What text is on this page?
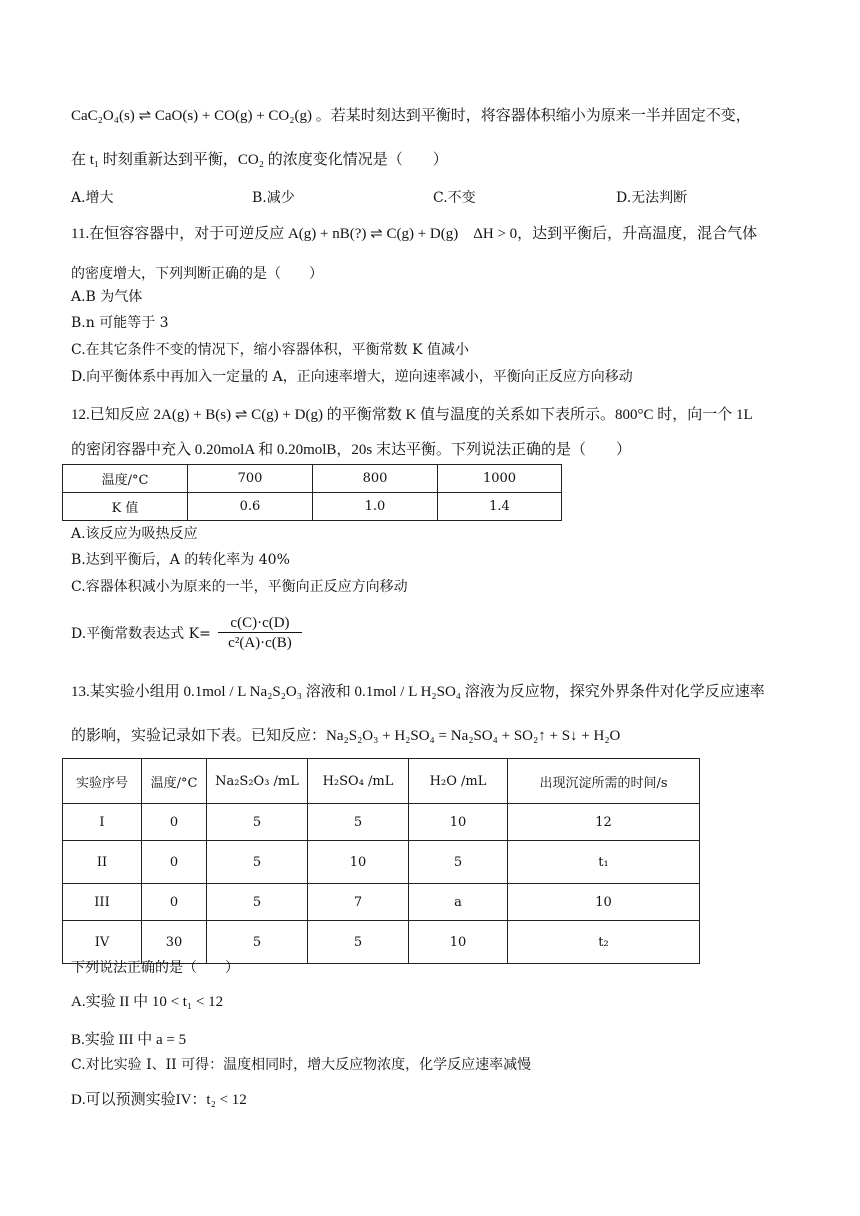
CaC₂O₄(s) ⇌ CaO(s) + CO(g) + CO₂(g) 。若某时刻达到平衡时，将容器体积缩小为原来一半并固定不变，
在 t₁ 时刻重新达到平衡，CO₂ 的浓度变化情况是（　　）
A.增大	B.减少	C.不变	D.无法判断
11.在恒容容器中，对于可逆反应 A(g) + nB(?) ⇌ C(g) + D(g)　ΔH > 0，达到平衡后，升高温度，混合气体
的密度增大，下列判断正确的是（　　）
A.B 为气体
B.n 可能等于 3
C.在其它条件不变的情况下，缩小容器体积，平衡常数 K 值减小
D.向平衡体系中再加入一定量的 A，正向速率增大，逆向速率减小，平衡向正反应方向移动
12.已知反应 2A(g) + B(s) ⇌ C(g) + D(g) 的平衡常数 K 值与温度的关系如下表所示。800°C 时，向一个 1L
的密闭容器中充入 0.20molA 和 0.20molB，20s 末达平衡。下列说法正确的是（　　）
温度/°C	700	800	1000
K 值	0.6	1.0	1.4
A.该反应为吸热反应
B.达到平衡后，A 的转化率为 40%
C.容器体积减小为原来的一半，平衡向正反应方向移动
D.平衡常数表达式 $K= \frac{c(C)\cdot c(D)}{\text{c²(A)·c(B)}}$
13.某实验小组用 0.1mol / L Na₂S₂O₃ 溶液和 0.1mol / L H₂SO₄ 溶液为反应物，探究外界条件对化学反应速率
的影响，实验记录如下表。已知反应：Na₂S₂O₃ + H₂SO₄ = Na₂SO₄ + SO₂↑ + S↓ + H₂O
实验序号	温度/°C	Na₂S₂O₃ /mL	H₂SO₄ /mL	H₂O /mL	出现沉淀所需的时间/s
I	0	5	5	10	12
II	0	5	10	5	t₁
III	0	5	7	a	10
IV	30	5	5	10	t₂
下列说法正确的是（　　）
A.实验 II 中 10 < t₁ < 12
B.实验 III 中 a = 5
C.对比实验 I、II 可得：温度相同时，增大反应物浓度，化学反应速率减慢
D.可以预测实验IV：t₂ < 12
